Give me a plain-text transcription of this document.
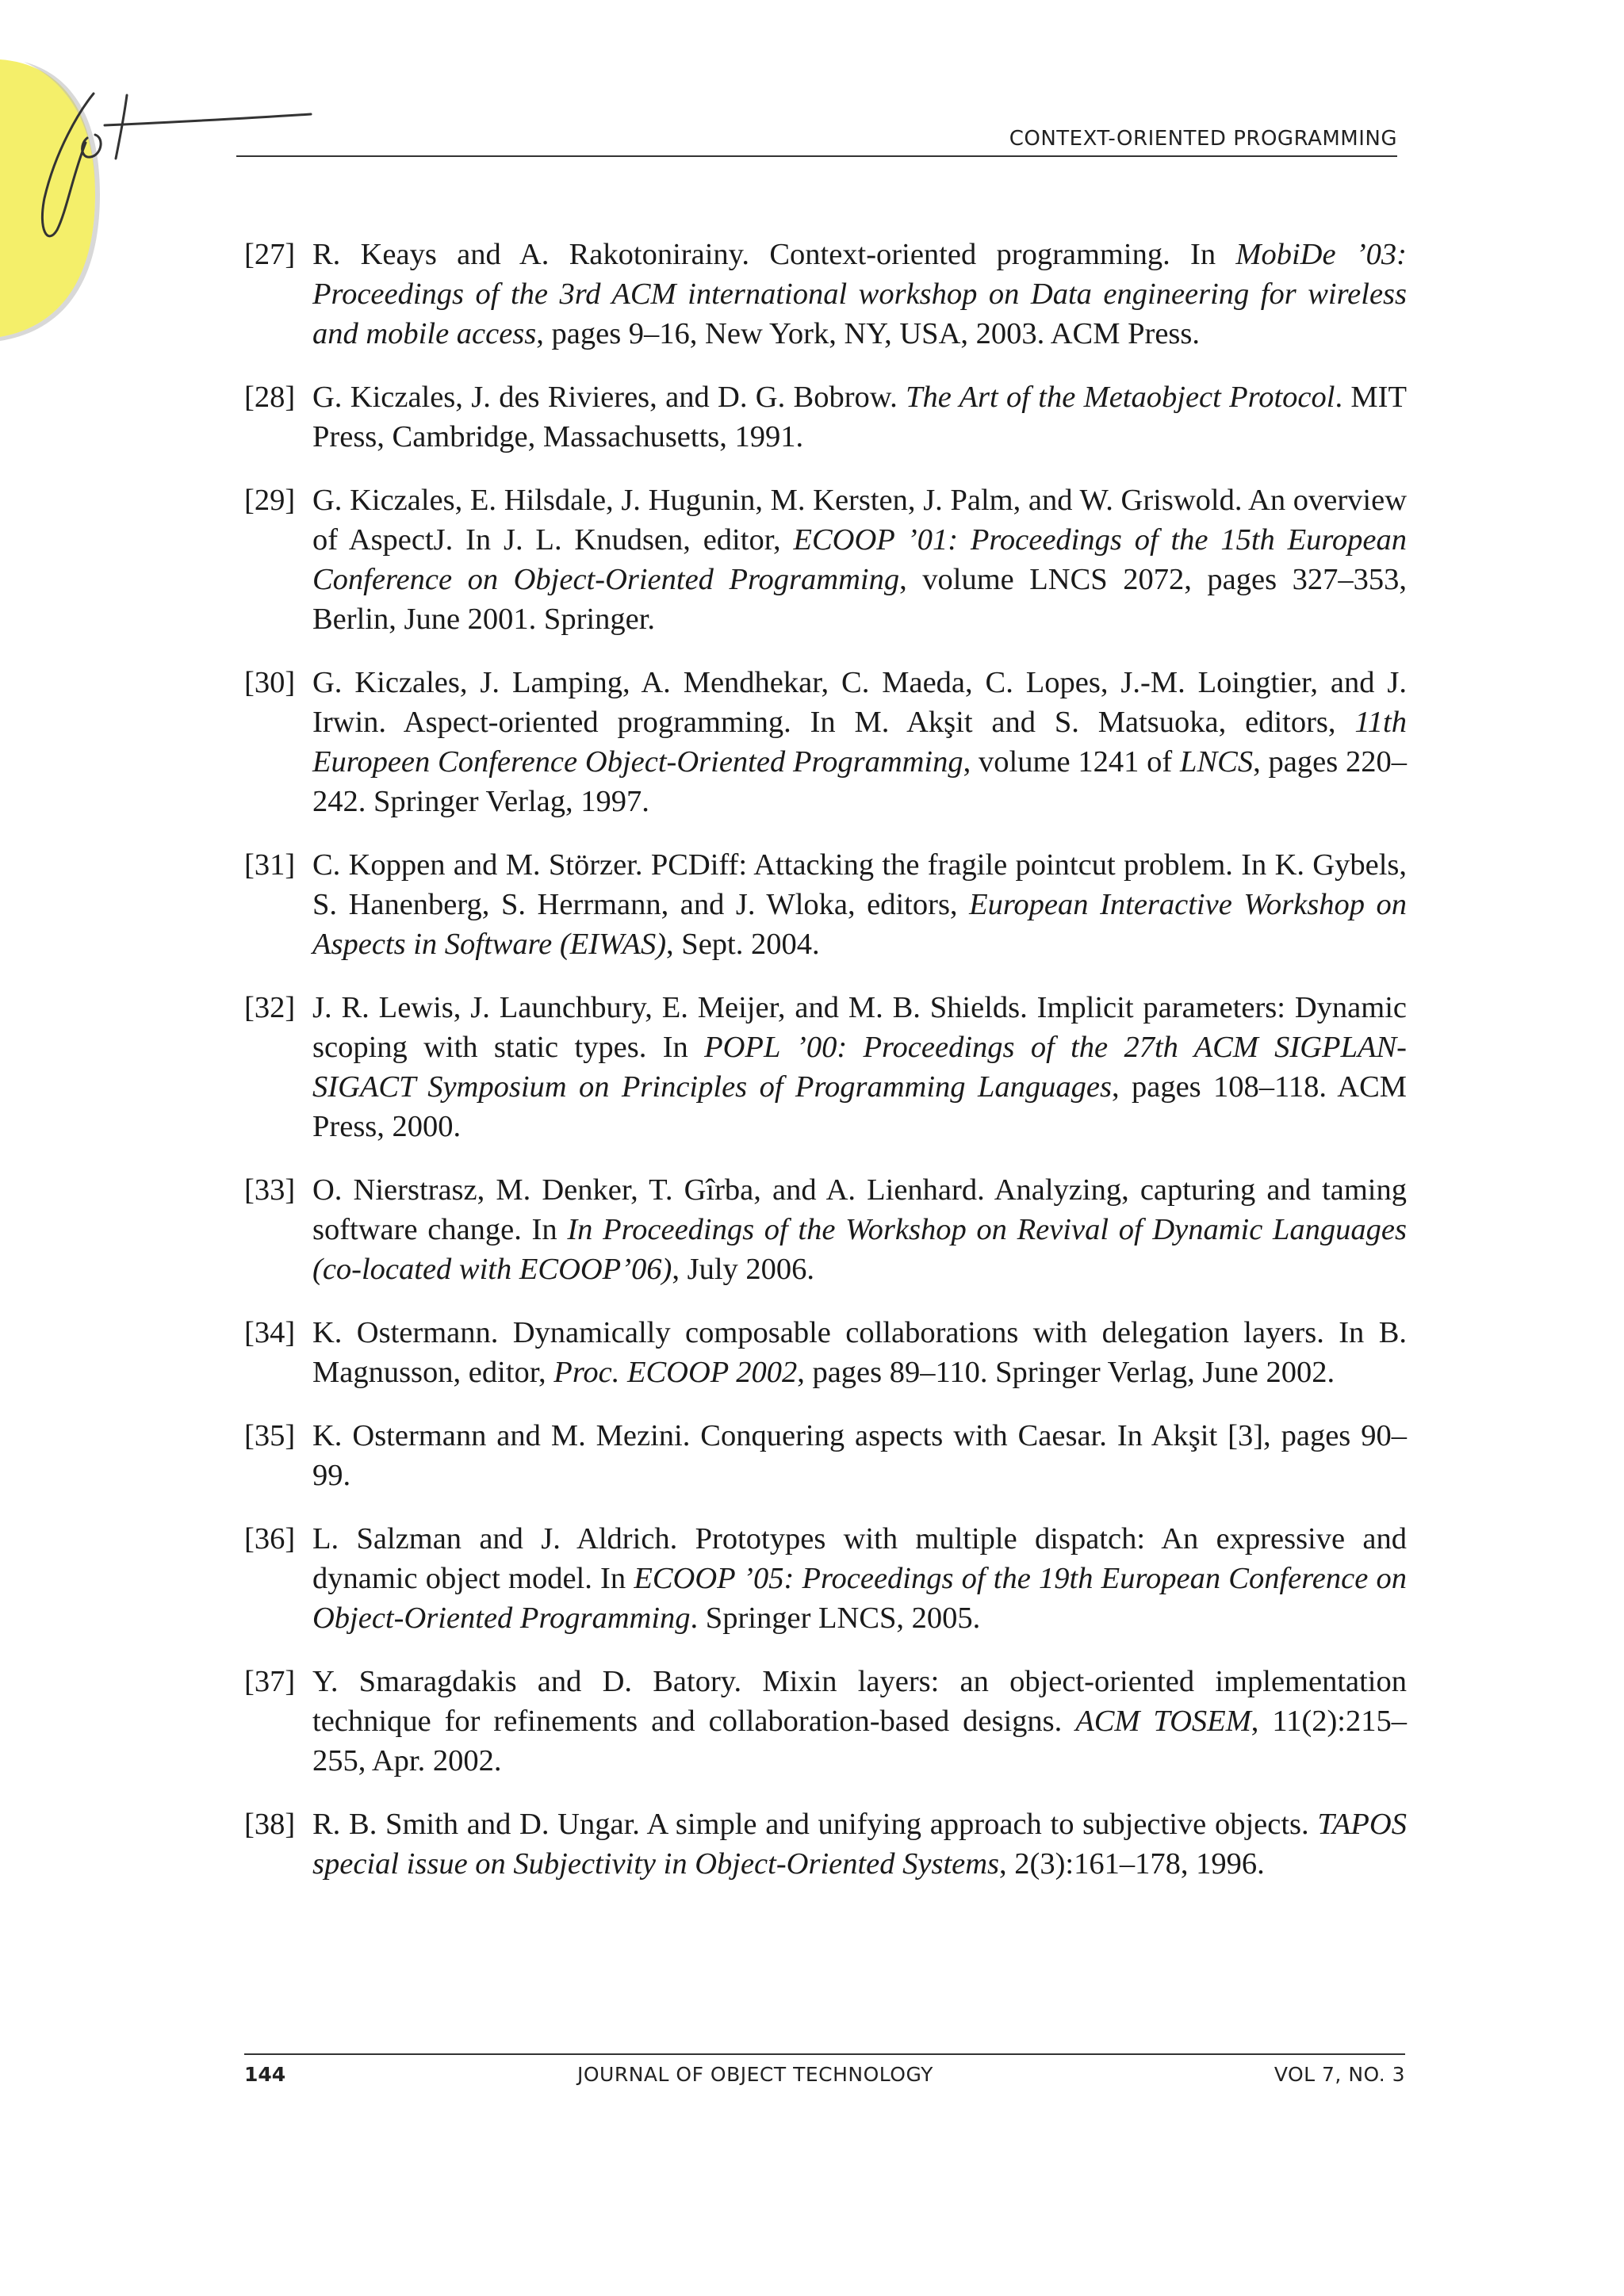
CONTEXT-ORIENTED PROGRAMMING
[27] R. Keays and A. Rakotonirainy. Context-oriented programming. In MobiDe ’03: Proceedings of the 3rd ACM international workshop on Data engineering for wireless and mobile access, pages 9–16, New York, NY, USA, 2003. ACM Press.
[28] G. Kiczales, J. des Rivieres, and D. G. Bobrow. The Art of the Metaobject Protocol. MIT Press, Cambridge, Massachusetts, 1991.
[29] G. Kiczales, E. Hilsdale, J. Hugunin, M. Kersten, J. Palm, and W. Griswold. An overview of AspectJ. In J. L. Knudsen, editor, ECOOP ’01: Proceedings of the 15th European Conference on Object-Oriented Programming, volume LNCS 2072, pages 327–353, Berlin, June 2001. Springer.
[30] G. Kiczales, J. Lamping, A. Mendhekar, C. Maeda, C. Lopes, J.-M. Loingtier, and J. Irwin. Aspect-oriented programming. In M. Akşit and S. Matsuoka, editors, 11th Europeen Conference Object-Oriented Programming, volume 1241 of LNCS, pages 220–242. Springer Verlag, 1997.
[31] C. Koppen and M. Störzer. PCDiff: Attacking the fragile pointcut problem. In K. Gybels, S. Hanenberg, S. Herrmann, and J. Wloka, editors, European Interactive Workshop on Aspects in Software (EIWAS), Sept. 2004.
[32] J. R. Lewis, J. Launchbury, E. Meijer, and M. B. Shields. Implicit parameters: Dynamic scoping with static types. In POPL ’00: Proceedings of the 27th ACM SIGPLAN-SIGACT Symposium on Principles of Programming Languages, pages 108–118. ACM Press, 2000.
[33] O. Nierstrasz, M. Denker, T. Gîrba, and A. Lienhard. Analyzing, capturing and taming software change. In In Proceedings of the Workshop on Revival of Dynamic Languages (co-located with ECOOP’06), July 2006.
[34] K. Ostermann. Dynamically composable collaborations with delegation layers. In B. Magnusson, editor, Proc. ECOOP 2002, pages 89–110. Springer Verlag, June 2002.
[35] K. Ostermann and M. Mezini. Conquering aspects with Caesar. In Akşit [3], pages 90–99.
[36] L. Salzman and J. Aldrich. Prototypes with multiple dispatch: An expressive and dynamic object model. In ECOOP ’05: Proceedings of the 19th European Conference on Object-Oriented Programming. Springer LNCS, 2005.
[37] Y. Smaragdakis and D. Batory. Mixin layers: an object-oriented implementation technique for refinements and collaboration-based designs. ACM TOSEM, 11(2):215–255, Apr. 2002.
[38] R. B. Smith and D. Ungar. A simple and unifying approach to subjective objects. TAPOS special issue on Subjectivity in Object-Oriented Systems, 2(3):161–178, 1996.
144	JOURNAL OF OBJECT TECHNOLOGY	VOL 7, NO. 3
